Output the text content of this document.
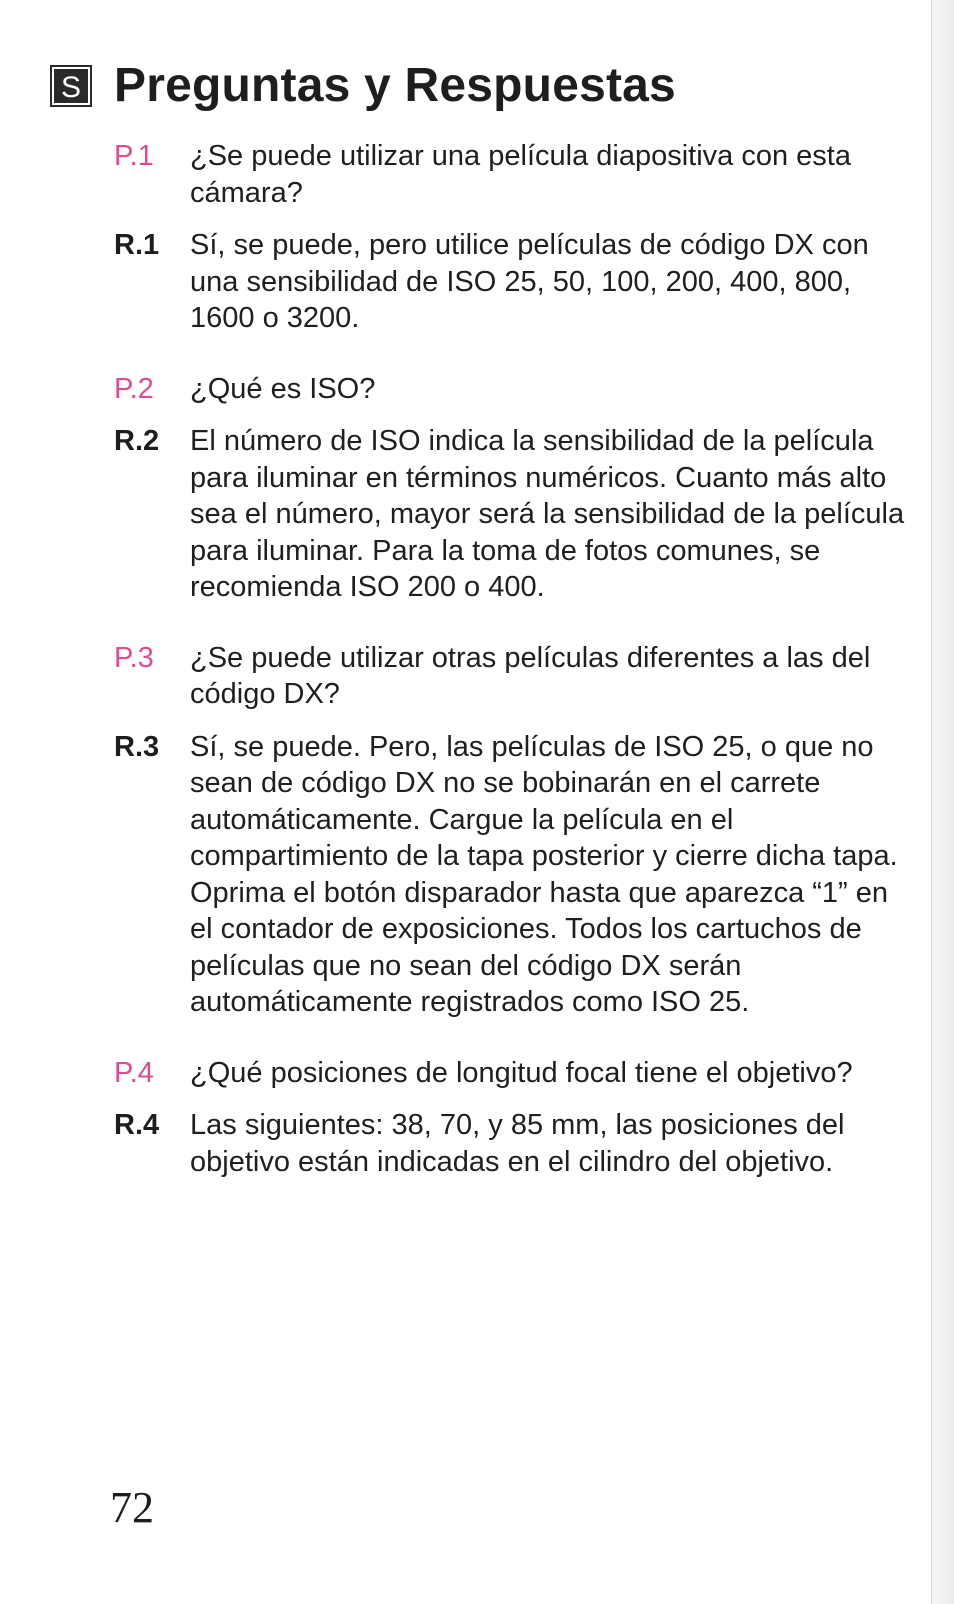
S Preguntas y Respuestas
P.1	¿Se puede utilizar una película diapositiva con esta cámara?
R.1	Sí, se puede, pero utilice películas de código DX con una sensibilidad de ISO 25, 50, 100, 200, 400, 800, 1600 o 3200.
P.2	¿Qué es ISO?
R.2	El número de ISO indica la sensibilidad de la película para iluminar en términos numéricos. Cuanto más alto sea el número, mayor será la sensibilidad de la película para iluminar. Para la toma de fotos comunes, se recomienda ISO 200 o 400.
P.3	¿Se puede utilizar otras películas diferentes a las del código DX?
R.3	Sí, se puede. Pero, las películas de ISO 25, o que no sean de código DX no se bobinarán en el carrete automáticamente. Cargue la película en el compartimiento de la tapa posterior y cierre dicha tapa. Oprima el botón disparador hasta que aparezca “1” en el contador de exposiciones. Todos los cartuchos de películas que no sean del código DX serán automáticamente registrados como ISO 25.
P.4	¿Qué posiciones de longitud focal tiene el objetivo?
R.4	Las siguientes: 38, 70, y 85 mm, las posiciones del objetivo están indicadas en el cilindro del objetivo.
72
